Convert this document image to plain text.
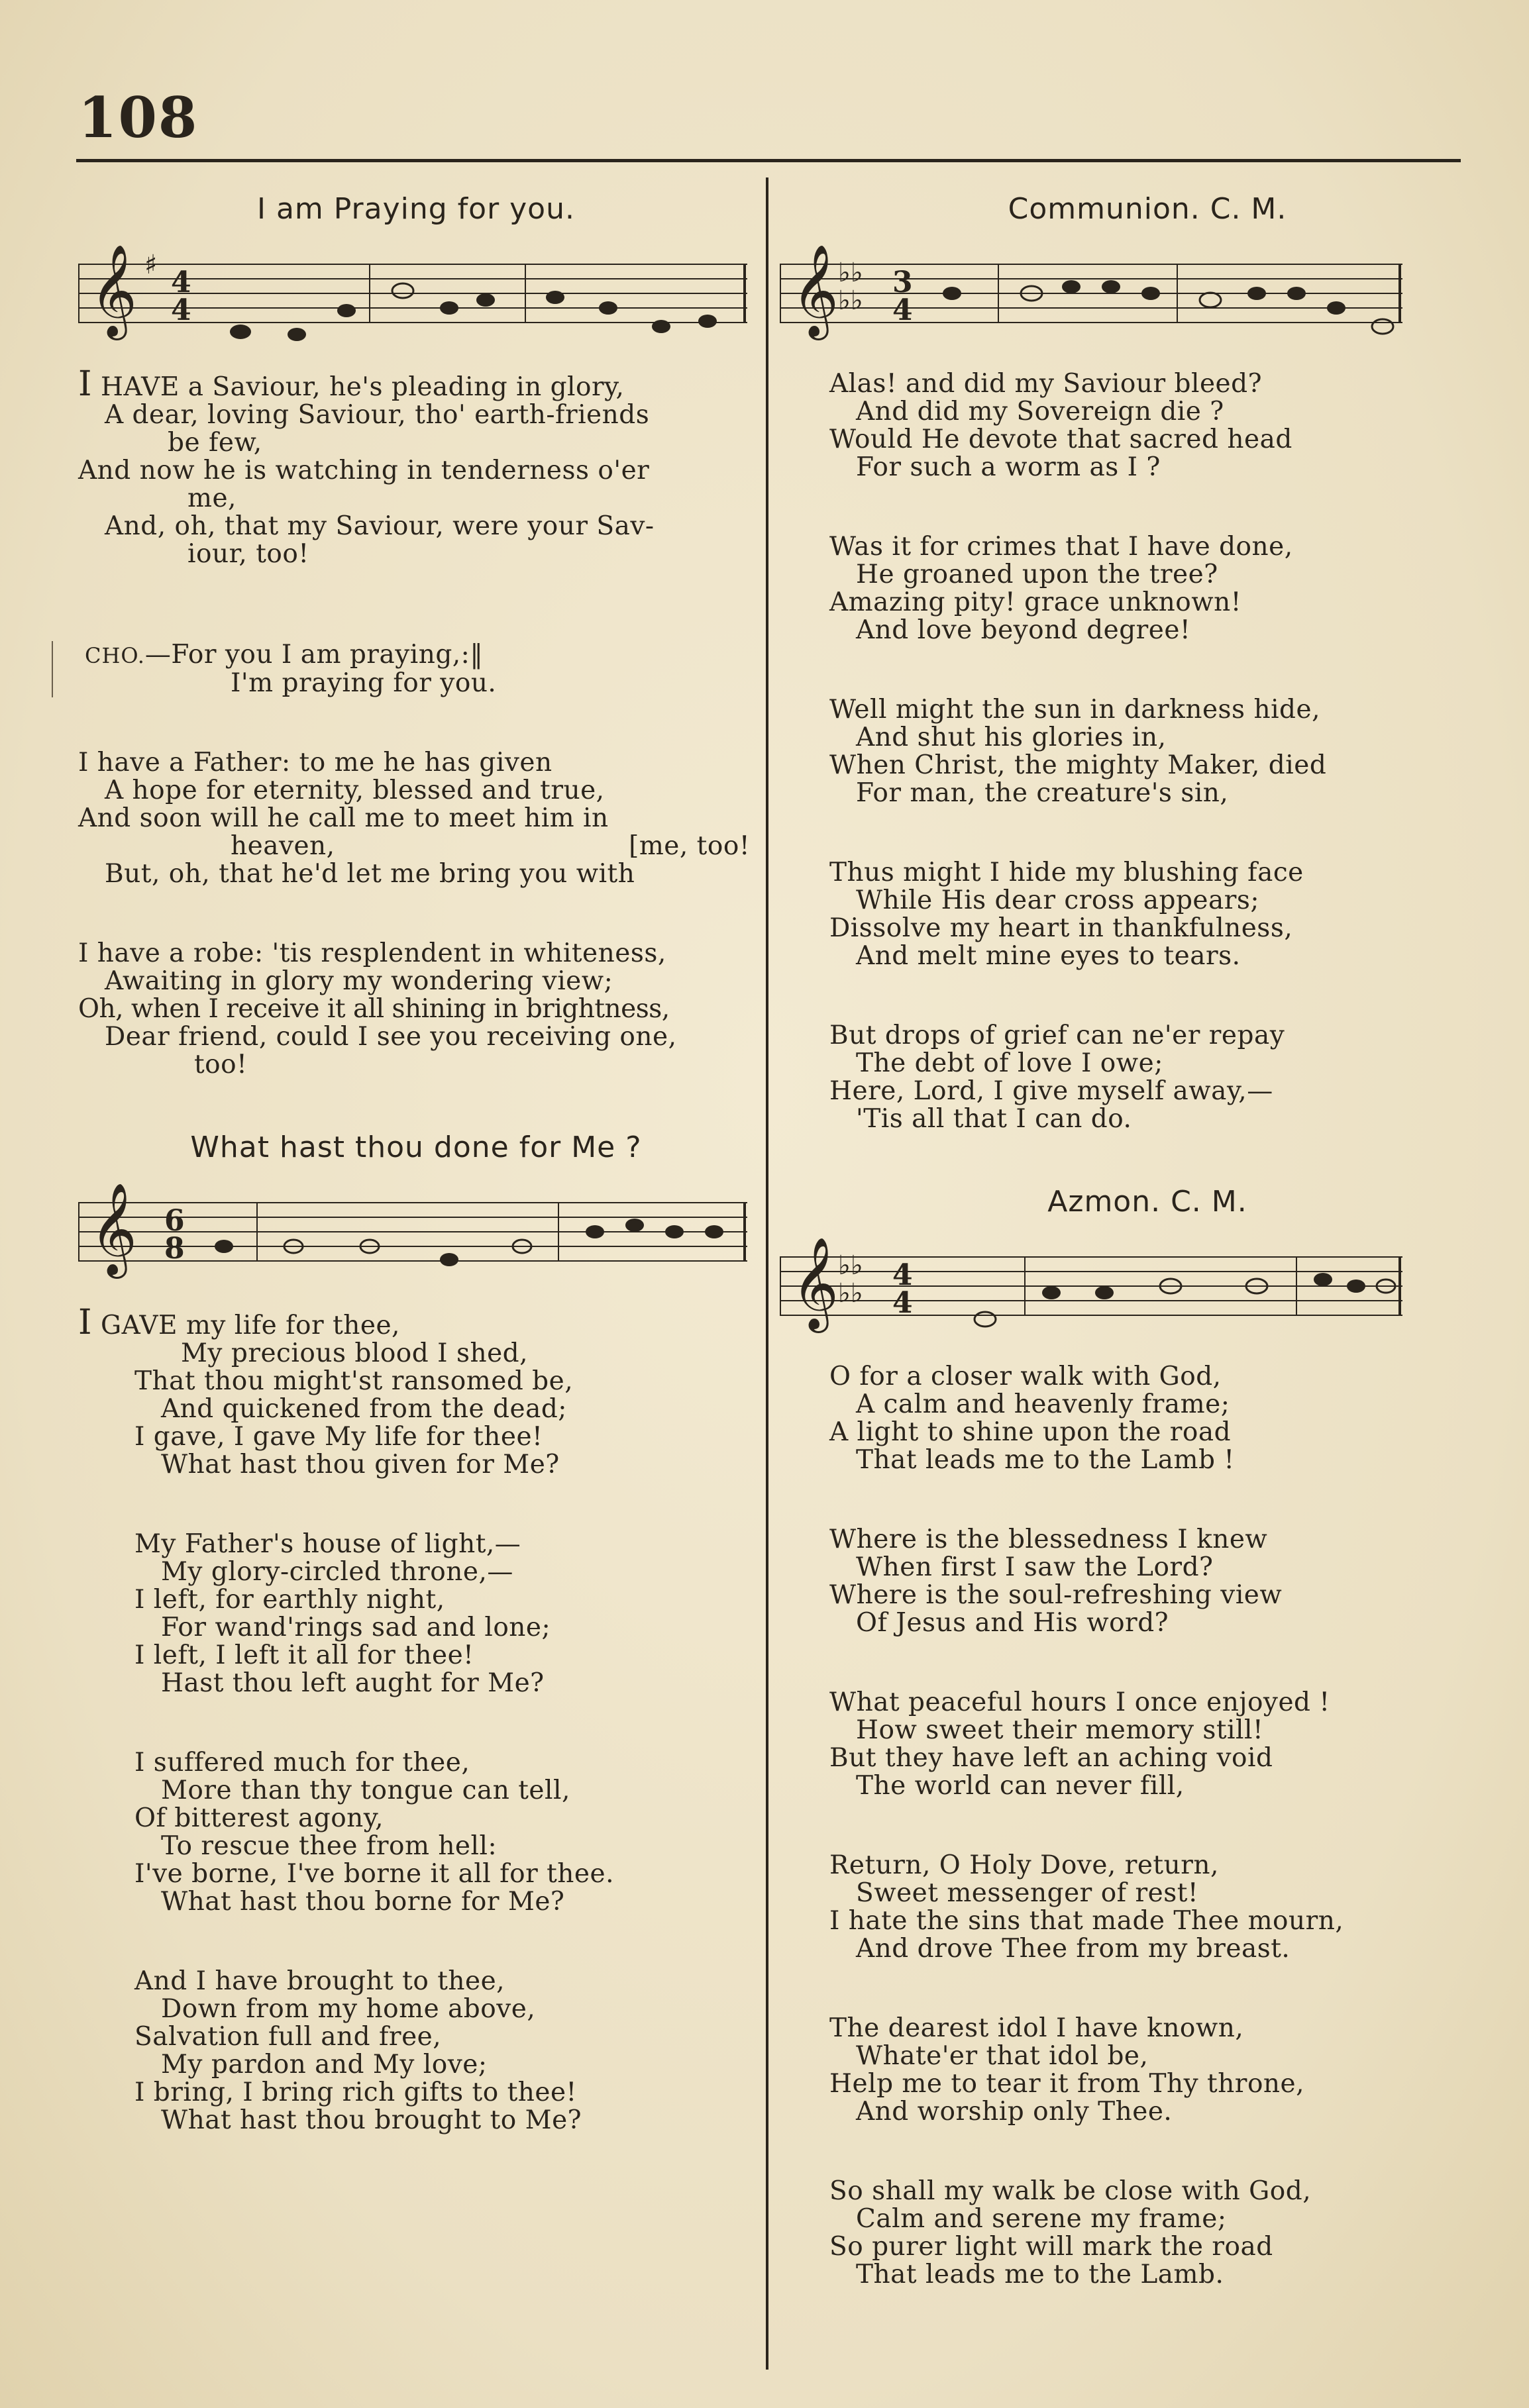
108
I am Praying for you.
𝄞 ♯
4
4
I HAVE a Saviour, he's pleading in glory,
A dear, loving Saviour, tho' earth-friends
be few,
And now he is watching in tenderness o'er
me,
And, oh, that my Saviour, were your Sav-
iour, too!
CHO.—For you I am praying,:‖
I'm praying for you.
I have a Father: to me he has given
A hope for eternity, blessed and true,
And soon will he call me to meet him in
heaven,	[me, too!
But, oh, that he'd let me bring you with
I have a robe: 'tis resplendent in whiteness,
Awaiting in glory my wondering view;
Oh, when I receive it all shining in brightness,
Dear friend, could I see you receiving one,
too!
What hast thou done for Me ?
𝄞 6
8
I GAVE my life for thee,
My precious blood I shed,
That thou might'st ransomed be,
And quickened from the dead;
I gave, I gave My life for thee!
What hast thou given for Me?
My Father's house of light,—
My glory-circled throne,—
I left, for earthly night,
For wand'rings sad and lone;
I left, I left it all for thee!
Hast thou left aught for Me?
I suffered much for thee,
More than thy tongue can tell,
Of bitterest agony,
To rescue thee from hell:
I've borne, I've borne it all for thee.
What hast thou borne for Me?
And I have brought to thee,
Down from my home above,
Salvation full and free,
My pardon and My love;
I bring, I bring rich gifts to thee!
What hast thou brought to Me?
Communion. C. M.
𝄞 ♭♭
♭♭
3
4
Alas! and did my Saviour bleed?
And did my Sovereign die ?
Would He devote that sacred head
For such a worm as I ?
Was it for crimes that I have done,
He groaned upon the tree?
Amazing pity! grace unknown!
And love beyond degree!
Well might the sun in darkness hide,
And shut his glories in,
When Christ, the mighty Maker, died
For man, the creature's sin,
Thus might I hide my blushing face
While His dear cross appears;
Dissolve my heart in thankfulness,
And melt mine eyes to tears.
But drops of grief can ne'er repay
The debt of love I owe;
Here, Lord, I give myself away,—
'Tis all that I can do.
Azmon. C. M.
𝄞 ♭♭
♭♭
4
4
O for a closer walk with God,
A calm and heavenly frame;
A light to shine upon the road
That leads me to the Lamb !
Where is the blessedness I knew
When first I saw the Lord?
Where is the soul-refreshing view
Of Jesus and His word?
What peaceful hours I once enjoyed !
How sweet their memory still!
But they have left an aching void
The world can never fill,
Return, O Holy Dove, return,
Sweet messenger of rest!
I hate the sins that made Thee mourn,
And drove Thee from my breast.
The dearest idol I have known,
Whate'er that idol be,
Help me to tear it from Thy throne,
And worship only Thee.
So shall my walk be close with God,
Calm and serene my frame;
So purer light will mark the road
That leads me to the Lamb.
